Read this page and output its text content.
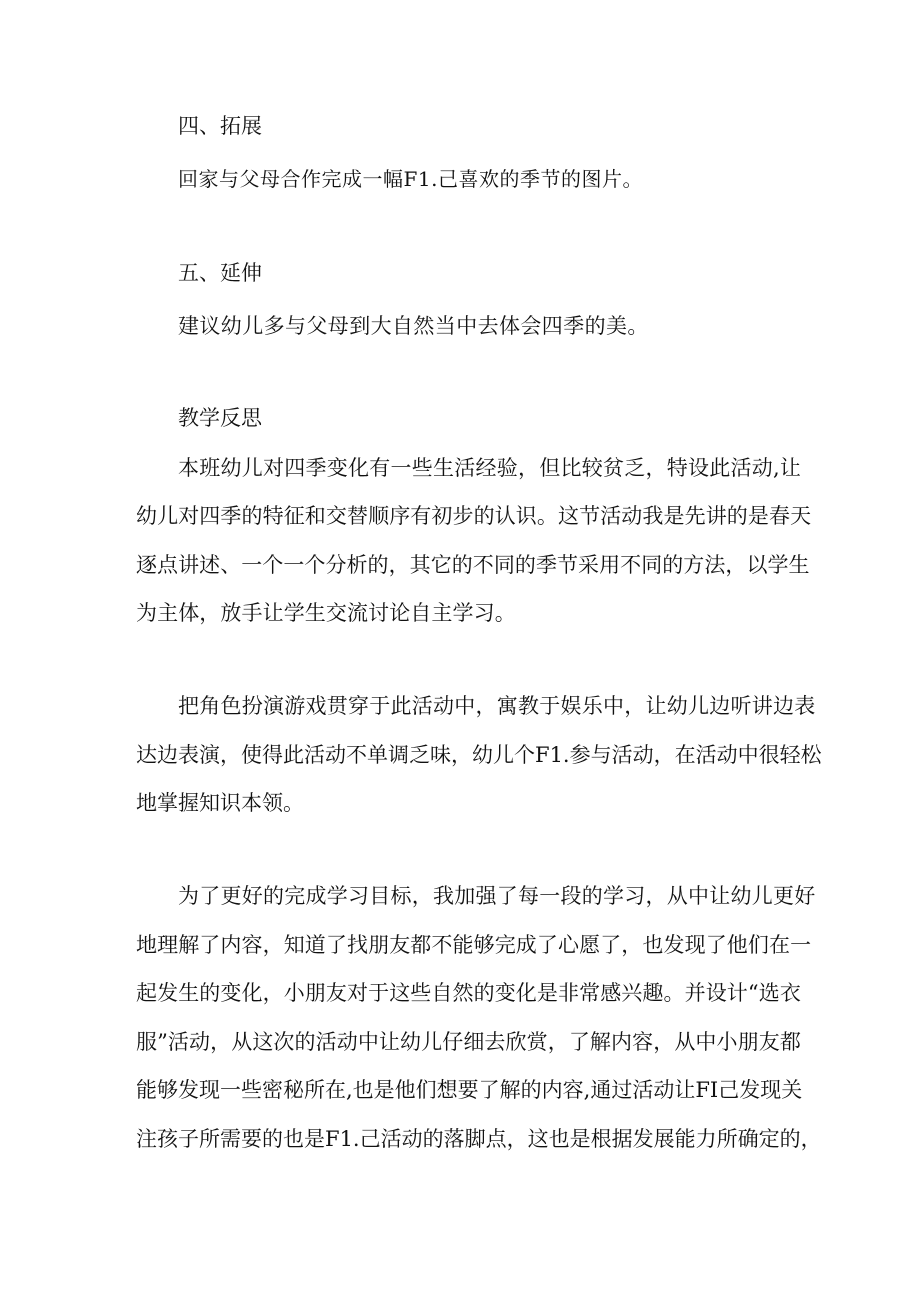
四、拓展
回家与父母合作完成一幅F1.己喜欢的季节的图片。
五、延伸
建议幼儿多与父母到大自然当中去体会四季的美。
教学反思
本班幼儿对四季变化有一些生活经验，但比较贫乏，特设此活动,让
幼儿对四季的特征和交替顺序有初步的认识。这节活动我是先讲的是春天
逐点讲述、一个一个分析的，其它的不同的季节采用不同的方法，以学生
为主体，放手让学生交流讨论自主学习。
把角色扮演游戏贯穿于此活动中，寓教于娱乐中，让幼儿边听讲边表
达边表演，使得此活动不单调乏味，幼儿个F1.参与活动，在活动中很轻松
地掌握知识本领。
为了更好的完成学习目标，我加强了每一段的学习，从中让幼儿更好
地理解了内容，知道了找朋友都不能够完成了心愿了，也发现了他们在一
起发生的变化，小朋友对于这些自然的变化是非常感兴趣。并设计“选衣
服”活动，从这次的活动中让幼儿仔细去欣赏，了解内容，从中小朋友都
能够发现一些密秘所在,也是他们想要了解的内容,通过活动让FI己发现关
注孩子所需要的也是F1.己活动的落脚点，这也是根据发展能力所确定的，
